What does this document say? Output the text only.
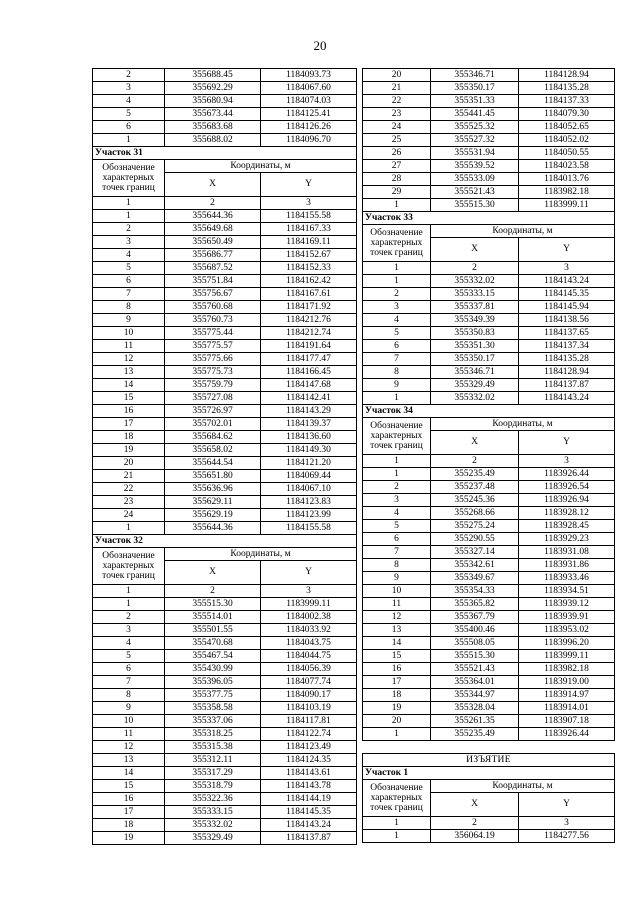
20
2	355688.45	1184093.73
3	355692.29	1184067.60
4	355680.94	1184074.03
5	355673.44	1184125.41
6	355683.68	1184126.26
1	355688.02	1184096.70
Участок 31		
Обозначение характерных точек границ	Координаты, м	
	X	Y
1	2	3
1	355644.36	1184155.58
2	355649.68	1184167.33
3	355650.49	1184169.11
4	355686.77	1184152.67
5	355687.52	1184152.33
6	355751.84	1184162.42
7	355756.67	1184167.61
8	355760.68	1184171.92
9	355760.73	1184212.76
10	355775.44	1184212.74
11	355775.57	1184191.64
12	355775.66	1184177.47
13	355775.73	1184166.45
14	355759.79	1184147.68
15	355727.08	1184142.41
16	355726.97	1184143.29
17	355702.01	1184139.37
18	355684.62	1184136.60
19	355658.02	1184149.30
20	355644.54	1184121.20
21	355651.80	1184069.44
22	355636.96	1184067.10
23	355629.11	1184123.83
24	355629.19	1184123.99
1	355644.36	1184155.58
Участок 32		
Обозначение характерных точек границ	Координаты, м	
	X	Y
1	2	3
1	355515.30	1183999.11
2	355514.01	1184002.38
3	355501.55	1184033.92
4	355470.68	1184043.75
5	355467.54	1184044.75
6	355430.99	1184056.39
7	355396.05	1184077.74
8	355377.75	1184090.17
9	355358.58	1184103.19
10	355337.06	1184117.81
11	355318.25	1184122.74
12	355315.38	1184123.49
13	355312.11	1184124.35
14	355317.29	1184143.61
15	355318.79	1184143.78
16	355322.36	1184144.19
17	355333.15	1184145.35
18	355332.02	1184143.24
19	355329.49	1184137.87
20	355346.71	1184128.94
21	355350.17	1184135.28
22	355351.33	1184137.33
23	355441.45	1184079.30
24	355525.32	1184052.65
25	355527.32	1184052.02
26	355531.94	1184050.55
27	355539.52	1184023.58
28	355533.09	1184013.76
29	355521.43	1183982.18
1	355515.30	1183999.11
Участок 33		
Обозначение характерных точек границ	Координаты, м	
	X	Y
1	2	3
1	355332.02	1184143.24
2	355333.15	1184145.35
3	355337.81	1184145.94
4	355349.39	1184138.56
5	355350.83	1184137.65
6	355351.30	1184137.34
7	355350.17	1184135.28
8	355346.71	1184128.94
9	355329.49	1184137.87
1	355332.02	1184143.24
Участок 34		
Обозначение характерных точек границ	Координаты, м	
	X	Y
1	2	3
1	355235.49	1183926.44
2	355237.48	1183926.54
3	355245.36	1183926.94
4	355268.66	1183928.12
5	355275.24	1183928.45
6	355290.55	1183929.23
7	355327.14	1183931.08
8	355342.61	1183931.86
9	355349.67	1183933.46
10	355354.33	1183934.51
11	355365.82	1183939.12
12	355367.79	1183939.91
13	355400.46	1183953.02
14	355508.05	1183996.20
15	355515.30	1183999.11
16	355521.43	1183982.18
17	355364.01	1183919.00
18	355344.97	1183914.97
19	355328.04	1183914.01
20	355261.35	1183907.18
1	355235.49	1183926.44

ИЗЪЯТИЕ		
Участок 1		
Обозначение характерных точек границ	Координаты, м	
	X	Y
1	2	3
1	356064.19	1184277.56
